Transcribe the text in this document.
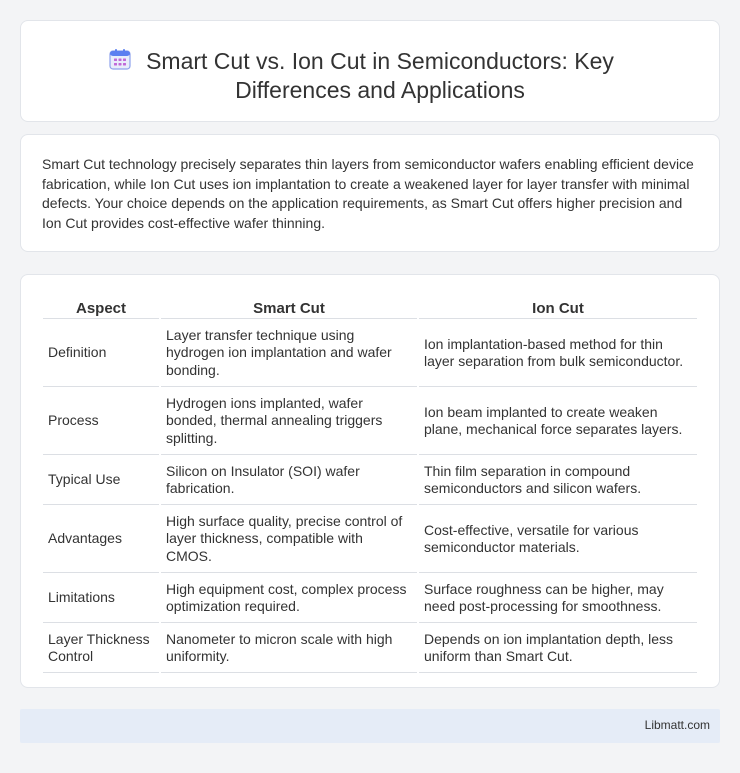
Smart Cut vs. Ion Cut in Semiconductors: Key Differences and Applications

Smart Cut technology precisely separates thin layers from semiconductor wafers enabling efficient device fabrication, while Ion Cut uses ion implantation to create a weakened layer for layer transfer with minimal defects. Your choice depends on the application requirements, as Smart Cut offers higher precision and Ion Cut provides cost-effective wafer thinning.

Aspect	Smart Cut	Ion Cut
Definition	Layer transfer technique using hydrogen ion implantation and wafer bonding.	Ion implantation-based method for thin layer separation from bulk semiconductor.
Process	Hydrogen ions implanted, wafer bonded, thermal annealing triggers splitting.	Ion beam implanted to create weaken plane, mechanical force separates layers.
Typical Use	Silicon on Insulator (SOI) wafer fabrication.	Thin film separation in compound semiconductors and silicon wafers.
Advantages	High surface quality, precise control of layer thickness, compatible with CMOS.	Cost-effective, versatile for various semiconductor materials.
Limitations	High equipment cost, complex process optimization required.	Surface roughness can be higher, may need post-processing for smoothness.
Layer Thickness Control	Nanometer to micron scale with high uniformity.	Depends on ion implantation depth, less uniform than Smart Cut.
Libmatt.com
